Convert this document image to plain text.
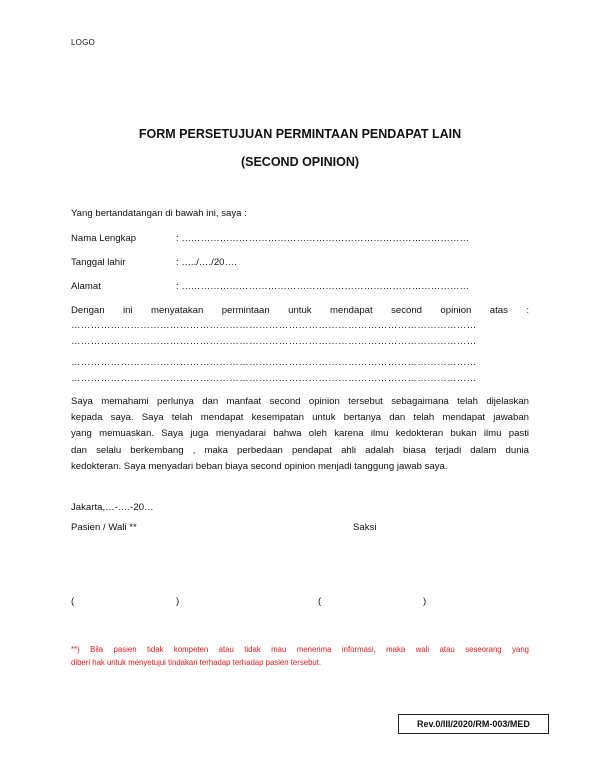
LOGO
FORM PERSETUJUAN PERMINTAAN PENDAPAT LAIN
(SECOND OPINION)
Yang bertandatangan di bawah ini, saya :
Nama Lengkap	: ………………………………………………………………………………
Tanggal lahir	: …../…./20….
Alamat	: ………………………………………………………………………………
Dengan ini menyatakan permintaan untuk mendapat second opinion atas :
……………………………………………………………………………………………………………
……………………………………………………………………………………………………………
……………………………………………………………………………………………………………
……………………………………………………………………………………………………………
Saya memahami perlunya dan manfaat second opinion tersebut sebagaimana telah dijelaskan
kepada saya. Saya telah mendapat kesempatan untuk bertanya dan telah mendapat jawaban
yang memuaskan. Saya juga menyadarai bahwa oleh karena ilmu kedokteran bukan ilmu pasti
dan selalu berkembang , maka perbedaan pendapat ahli adalah biasa terjadi dalam dunia
kedokteran. Saya menyadari beban biaya second opinion menjadi tanggung jawab saya.
Jakarta,…-….-20…
Pasien / Wali **	Saksi
(	)	(	)
**) Bila pasien tidak kompeten atau tidak mau menerima informasi, maka wali atau seseorang yang
diberi hak untuk menyetujui tindakan terhadap terhadap pasien tersebut.
Rev.0/III/2020/RM-003/MED
